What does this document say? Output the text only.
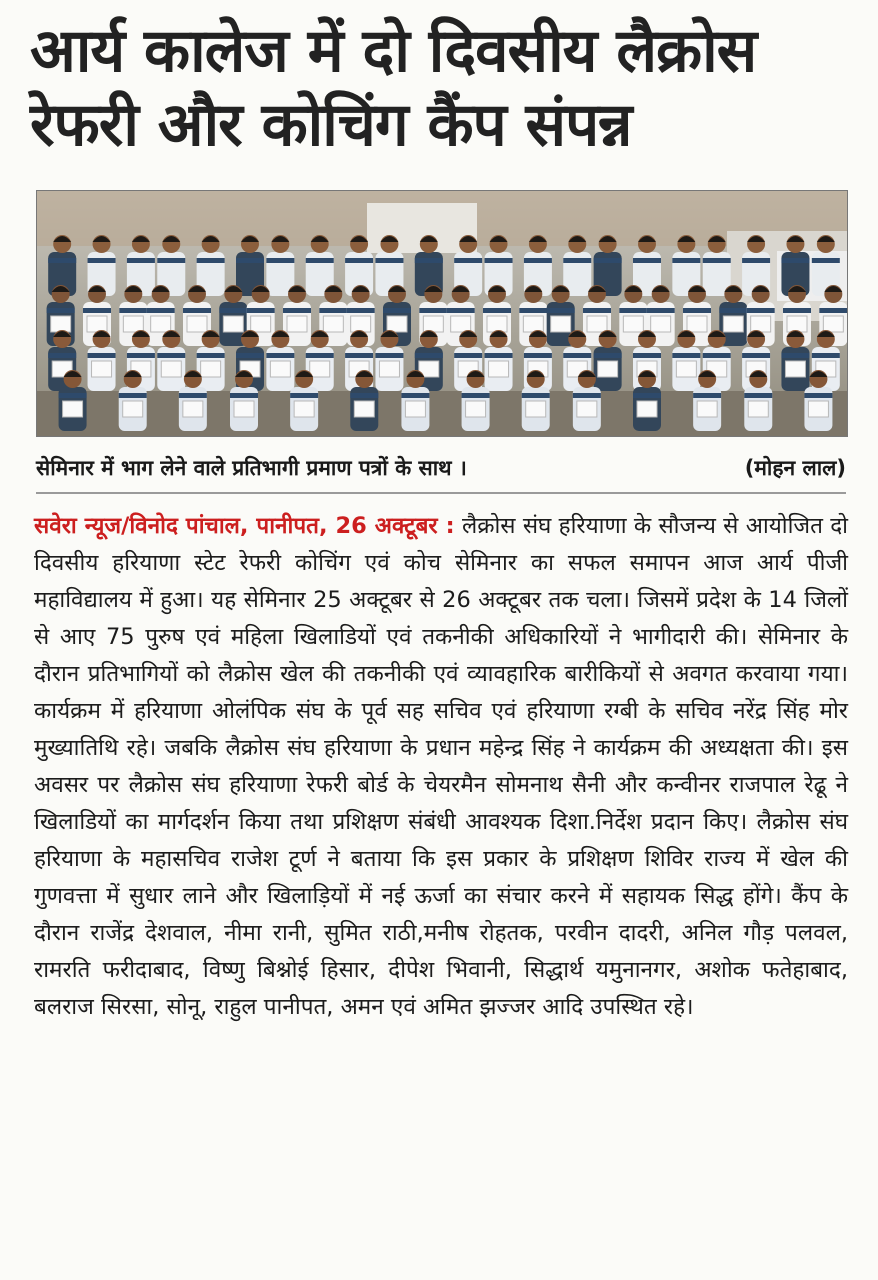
आर्य कालेज में दो दिवसीय लैक्रोस
रेफरी और कोचिंग कैंप संपन्न
सेमिनार में भाग लेने वाले प्रतिभागी प्रमाण पत्रों के साथ ।	(मोहन लाल)
सवेरा न्यूज/विनोद पांचाल, पानीपत, 26 अक्टूबर : लैक्रोस संघ हरियाणा के सौजन्य से आयोजित दो दिवसीय हरियाणा स्टेट रेफरी कोचिंग एवं कोच सेमिनार का सफल समापन आज आर्य पीजी महाविद्यालय में हुआ। यह सेमिनार 25 अक्टूबर से 26 अक्टूबर तक चला। जिसमें प्रदेश के 14 जिलों से आए 75 पुरुष एवं महिला खिलाडियों एवं तकनीकी अधिकारियों ने भागीदारी की। सेमिनार के दौरान प्रतिभागियों को लैक्रोस खेल की तकनीकी एवं व्यावहारिक बारीकियों से अवगत करवाया गया। कार्यक्रम में हरियाणा ओलंपिक संघ के पूर्व सह सचिव एवं हरियाणा रग्बी के सचिव नरेंद्र सिंह मोर मुख्यातिथि रहे। जबकि लैक्रोस संघ हरियाणा के प्रधान महेन्द्र सिंह ने कार्यक्रम की अध्यक्षता की। इस अवसर पर लैक्रोस संघ हरियाणा रेफरी बोर्ड के चेयरमैन सोमनाथ सैनी और कन्वीनर राजपाल रेढू ने खिलाडियों का मार्गदर्शन किया तथा प्रशिक्षण संबंधी आवश्यक दिशा.निर्देश प्रदान किए। लैक्रोस संघ हरियाणा के महासचिव राजेश टूर्ण ने बताया कि इस प्रकार के प्रशिक्षण शिविर राज्य में खेल की गुणवत्ता में सुधार लाने और खिलाड़ियों में नई ऊर्जा का संचार करने में सहायक सिद्ध होंगे। कैंप के दौरान राजेंद्र देशवाल, नीमा रानी, सुमित राठी,मनीष रोहतक, परवीन दादरी, अनिल गौड़ पलवल, रामरति फरीदाबाद, विष्णु बिश्नोई हिसार, दीपेश भिवानी, सिद्धार्थ यमुनानगर, अशोक फतेहाबाद, बलराज सिरसा, सोनू, राहुल पानीपत, अमन एवं अमित झज्जर आदि उपस्थित रहे।
